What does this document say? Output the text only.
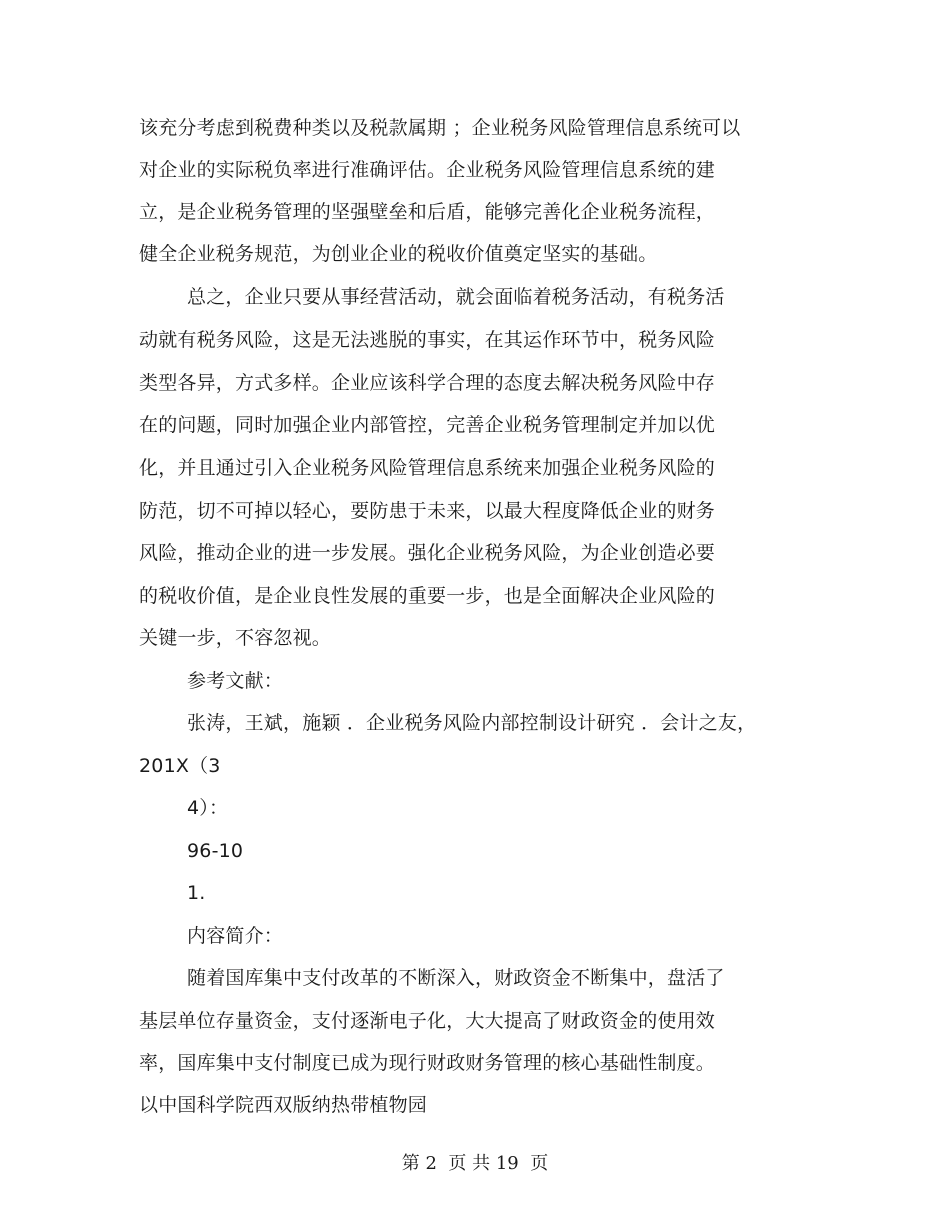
该充分考虑到税费种类以及税款属期 ；企业税务风险管理信息系统可以
对企业的实际税负率进行准确评估。企业税务风险管理信息系统的建
立，是企业税务管理的坚强壁垒和后盾，能够完善化企业税务流程，
健全企业税务规范，为创业企业的税收价值奠定坚实的基础。
总之，企业只要从事经营活动，就会面临着税务活动，有税务活
动就有税务风险，这是无法逃脱的事实，在其运作环节中，税务风险
类型各异，方式多样。企业应该科学合理的态度去解决税务风险中存
在的问题，同时加强企业内部管控，完善企业税务管理制定并加以优
化，并且通过引入企业税务风险管理信息系统来加强企业税务风险的
防范，切不可掉以轻心，要防患于未来，以最大程度降低企业的财务
风险，推动企业的进一步发展。强化企业税务风险，为企业创造必要
的税收价值，是企业良性发展的重要一步，也是全面解决企业风险的
关键一步，不容忽视。
参考文献：
张涛，王斌，施颖 ．企业税务风险内部控制设计研究 ．会计之友，
201X（3
4）：
96-10
1.
内容简介：
随着国库集中支付改革的不断深入，财政资金不断集中，盘活了
基层单位存量资金，支付逐渐电子化，大大提高了财政资金的使用效
率，国库集中支付制度已成为现行财政财务管理的核心基础性制度。
以中国科学院西双版纳热带植物园
第 2  页 共 19  页
